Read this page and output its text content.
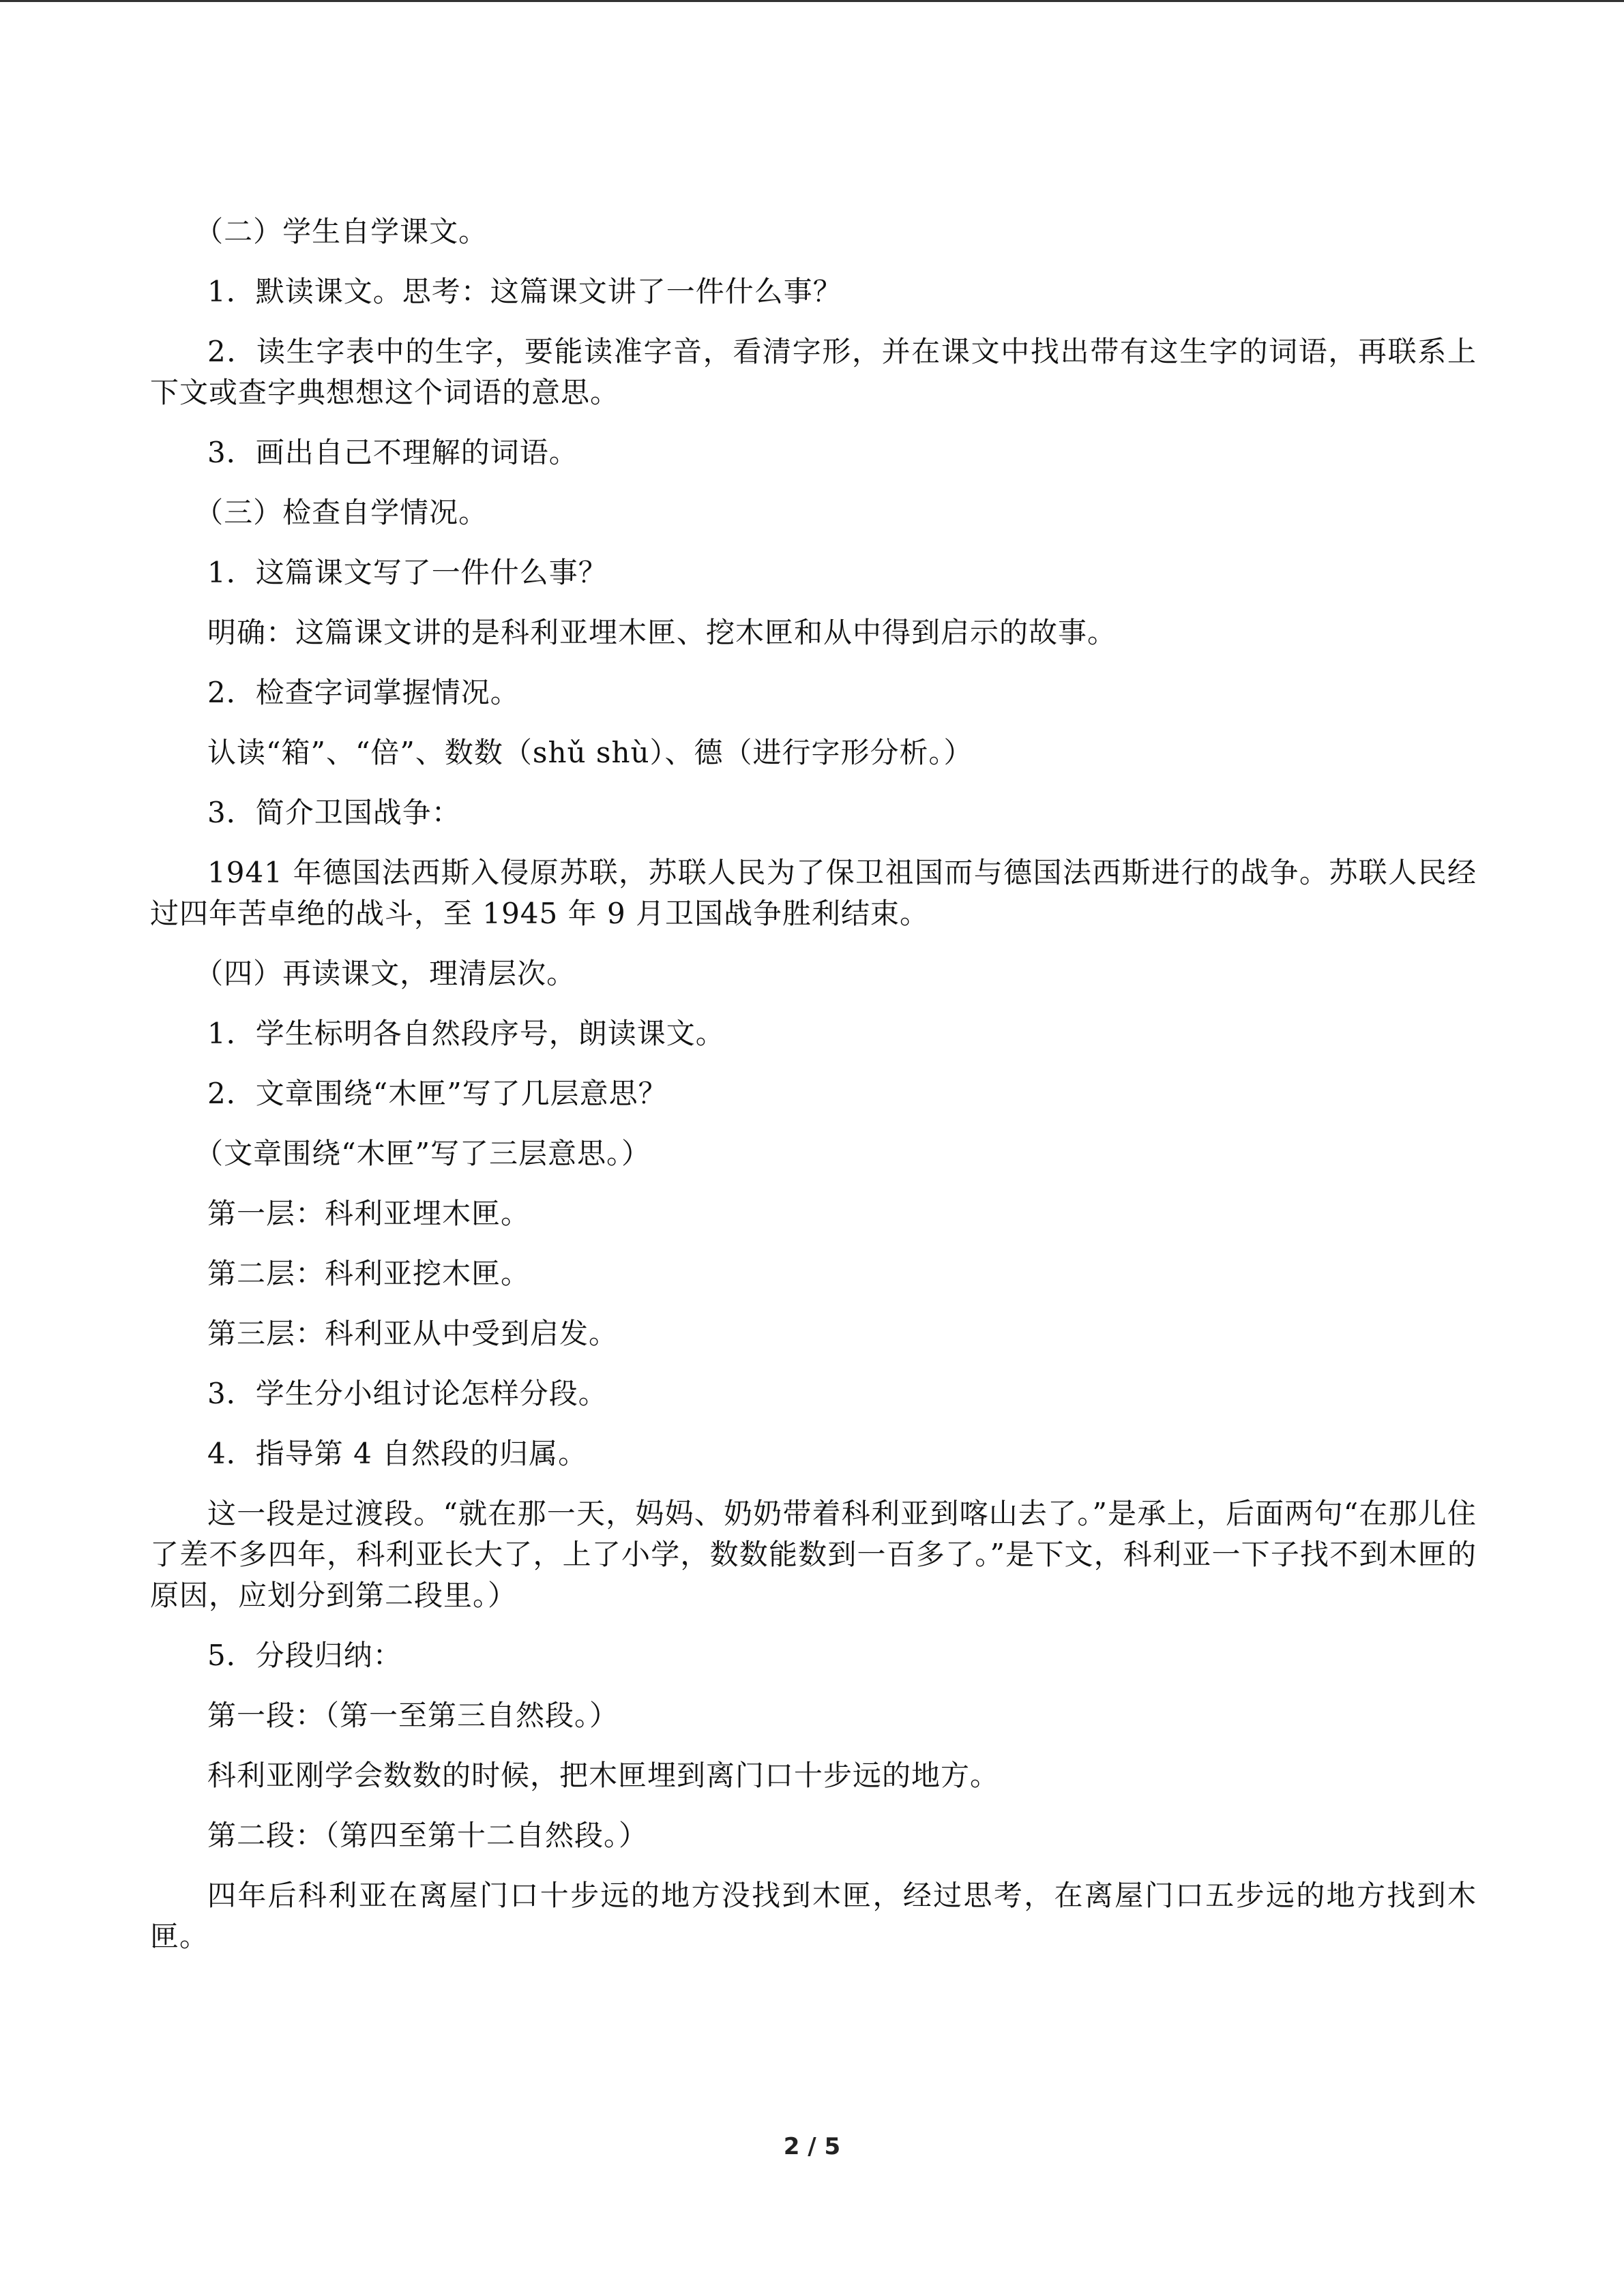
（二）学生自学课文。

1．默读课文。思考：这篇课文讲了一件什么事？

2．读生字表中的生字，要能读准字音，看清字形，并在课文中找出带有这生字的词语，再联系上下文或查字典想想这个词语的意思。

3．画出自己不理解的词语。

（三）检查自学情况。

1．这篇课文写了一件什么事？

明确：这篇课文讲的是科利亚埋木匣、挖木匣和从中得到启示的故事。

2．检查字词掌握情况。

认读“箱”、“倍”、数数（shǔ shù）、德（进行字形分析。）

3．简介卫国战争：

1941 年德国法西斯入侵原苏联，苏联人民为了保卫祖国而与德国法西斯进行的战争。苏联人民经过四年苦卓绝的战斗，至 1945 年 9 月卫国战争胜利结束。

（四）再读课文，理清层次。

1．学生标明各自然段序号，朗读课文。

2．文章围绕“木匣”写了几层意思？

（文章围绕“木匣”写了三层意思。）

第一层：科利亚埋木匣。

第二层：科利亚挖木匣。

第三层：科利亚从中受到启发。

3．学生分小组讨论怎样分段。

4．指导第 4 自然段的归属。

这一段是过渡段。“就在那一天，妈妈、奶奶带着科利亚到喀山去了。”是承上，后面两句“在那儿住了差不多四年，科利亚长大了，上了小学，数数能数到一百多了。”是下文，科利亚一下子找不到木匣的原因，应划分到第二段里。）

5．分段归纳：

第一段：（第一至第三自然段。）

科利亚刚学会数数的时候，把木匣埋到离门口十步远的地方。

第二段：（第四至第十二自然段。）

四年后科利亚在离屋门口十步远的地方没找到木匣，经过思考，在离屋门口五步远的地方找到木匣。

2 / 5
